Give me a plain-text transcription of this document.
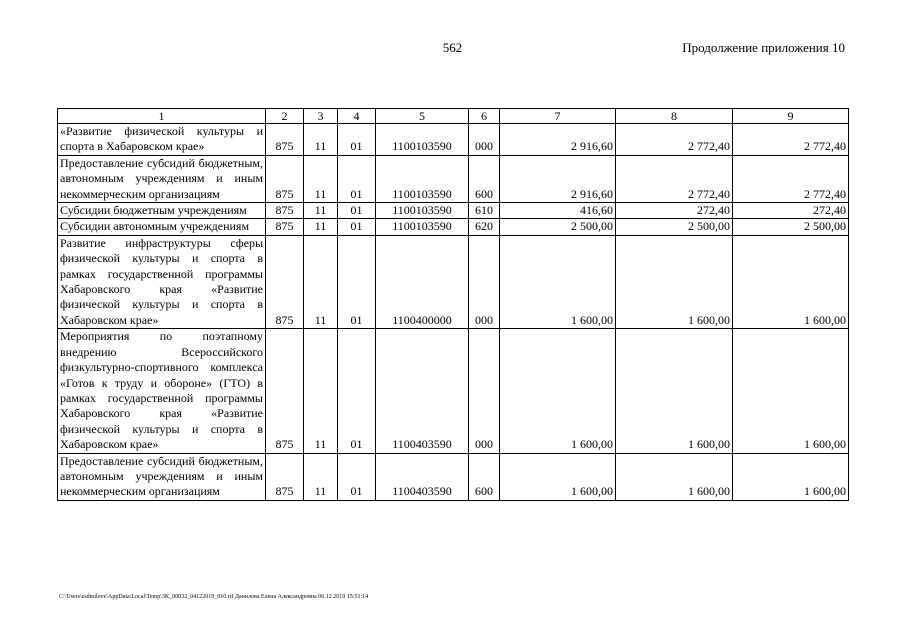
562	Продолжение приложения 10
1	2	3	4	5	6	7	8	9
«Развитие физической культуры и спорта в Хабаровском крае»	875	11	01	1100103590	000	2 916,60	2 772,40	2 772,40
Предоставление субсидий бюджетным, автономным учреждениям и иным некоммерческим организациям	875	11	01	1100103590	600	2 916,60	2 772,40	2 772,40
Субсидии бюджетным учреждениям	875	11	01	1100103590	610	416,60	272,40	272,40
Субсидии автономным учреждениям	875	11	01	1100103590	620	2 500,00	2 500,00	2 500,00
Развитие инфраструктуры сферы физической культуры и спорта в рамках государственной программы Хабаровского края «Развитие физической культуры и спорта в Хабаровском крае»	875	11	01	1100400000	000	1 600,00	1 600,00	1 600,00
Мероприятия по поэтапному внедрению Всероссийского физкультурно-спортивного комплекса «Готов к труду и обороне» (ГТО) в рамках государственной программы Хабаровского края «Развитие физической культуры и спорта в Хабаровском крае»	875	11	01	1100403590	000	1 600,00	1 600,00	1 600,00
Предоставление субсидий бюджетным, автономным учреждениям и иным некоммерческим организациям	875	11	01	1100403590	600	1 600,00	1 600,00	1 600,00
C:\Users\esdmilove\AppData\Local\Temp\3K_00032_04122019_010.rtf Данилова Елена Александровна 06.12.2019 15:51:14
